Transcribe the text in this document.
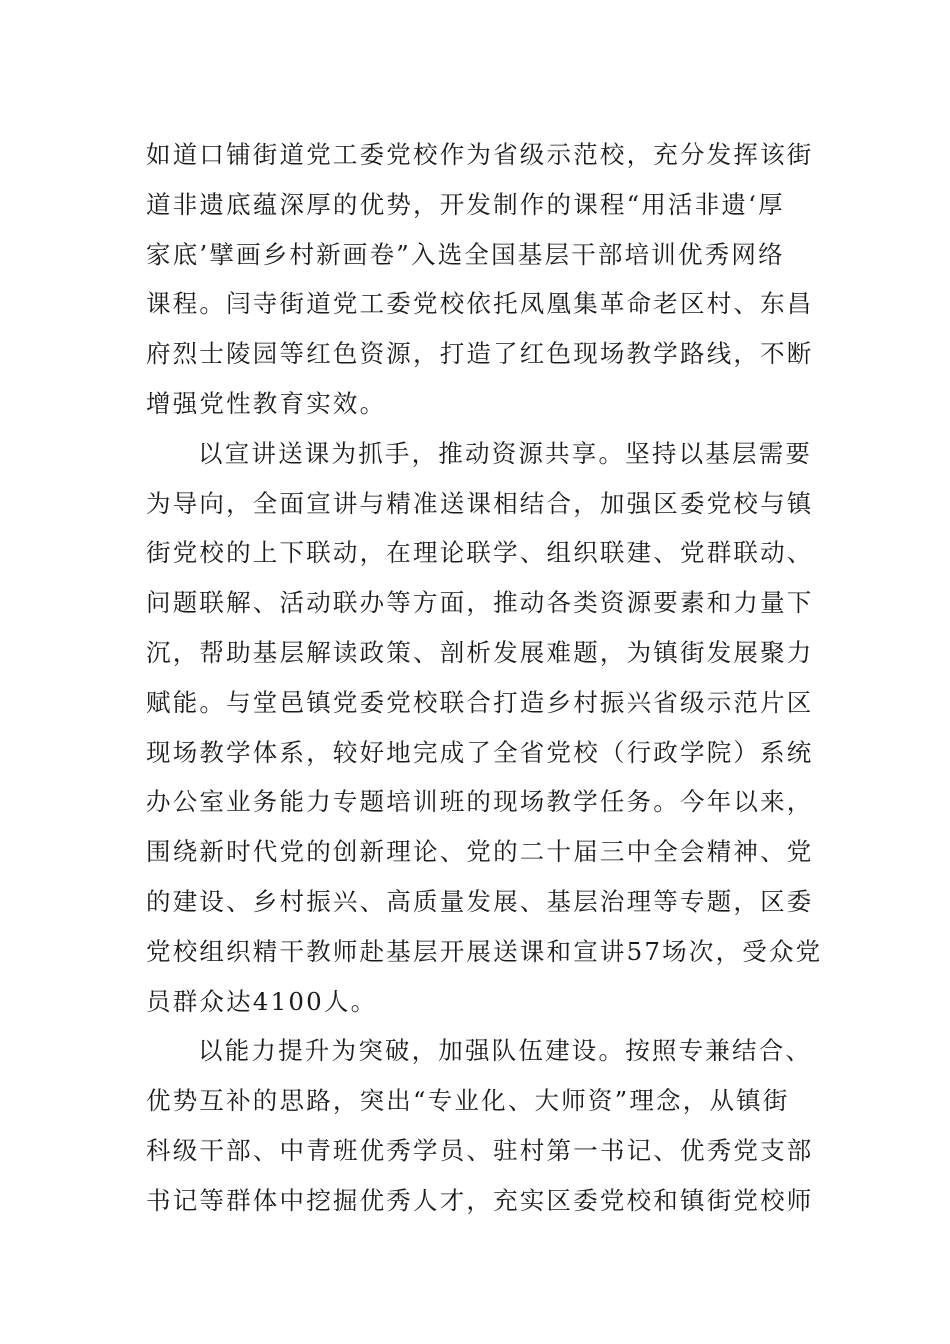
如道口铺街道党工委党校作为省级示范校，充分发挥该街
道非遗底蕴深厚的优势，开发制作的课程“用活非遗‘厚
家底’擘画乡村新画卷”入选全国基层干部培训优秀网络
课程。闫寺街道党工委党校依托凤凰集革命老区村、东昌
府烈士陵园等红色资源，打造了红色现场教学路线，不断
增强党性教育实效。
以宣讲送课为抓手，推动资源共享。坚持以基层需要
为导向，全面宣讲与精准送课相结合，加强区委党校与镇
街党校的上下联动，在理论联学、组织联建、党群联动、
问题联解、活动联办等方面，推动各类资源要素和力量下
沉，帮助基层解读政策、剖析发展难题，为镇街发展聚力
赋能。与堂邑镇党委党校联合打造乡村振兴省级示范片区
现场教学体系，较好地完成了全省党校（行政学院）系统
办公室业务能力专题培训班的现场教学任务。今年以来，
围绕新时代党的创新理论、党的二十届三中全会精神、党
的建设、乡村振兴、高质量发展、基层治理等专题，区委
党校组织精干教师赴基层开展送课和宣讲57场次，受众党
员群众达4100人。
以能力提升为突破，加强队伍建设。按照专兼结合、
优势互补的思路，突出“专业化、大师资”理念，从镇街
科级干部、中青班优秀学员、驻村第一书记、优秀党支部
书记等群体中挖掘优秀人才，充实区委党校和镇街党校师
